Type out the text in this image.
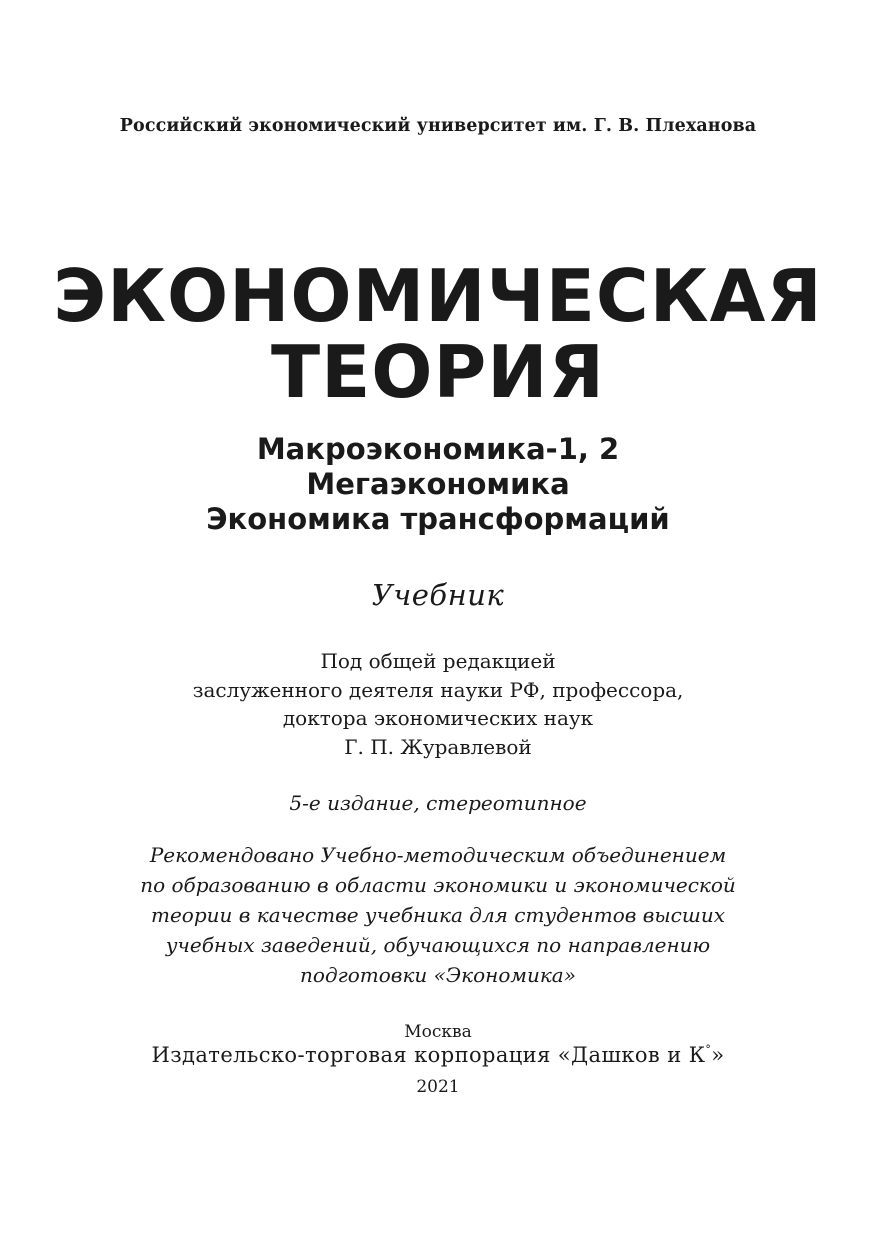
Российский экономический университет им. Г. В. Плеханова
ЭКОНОМИЧЕСКАЯ
ТЕОРИЯ
Макроэкономика-1, 2
Мегаэкономика
Экономика трансформаций
Учебник
Под общей редакцией
заслуженного деятеля науки РФ, профессора,
доктора экономических наук
Г. П. Журавлевой
5-е издание, стереотипное
Рекомендовано Учебно-методическим объединением
по образованию в области экономики и экономической
теории в качестве учебника для студентов высших
учебных заведений, обучающихся по направлению
подготовки «Экономика»
Москва
Издательско-торговая корпорация «Дашков и К°»
2021
